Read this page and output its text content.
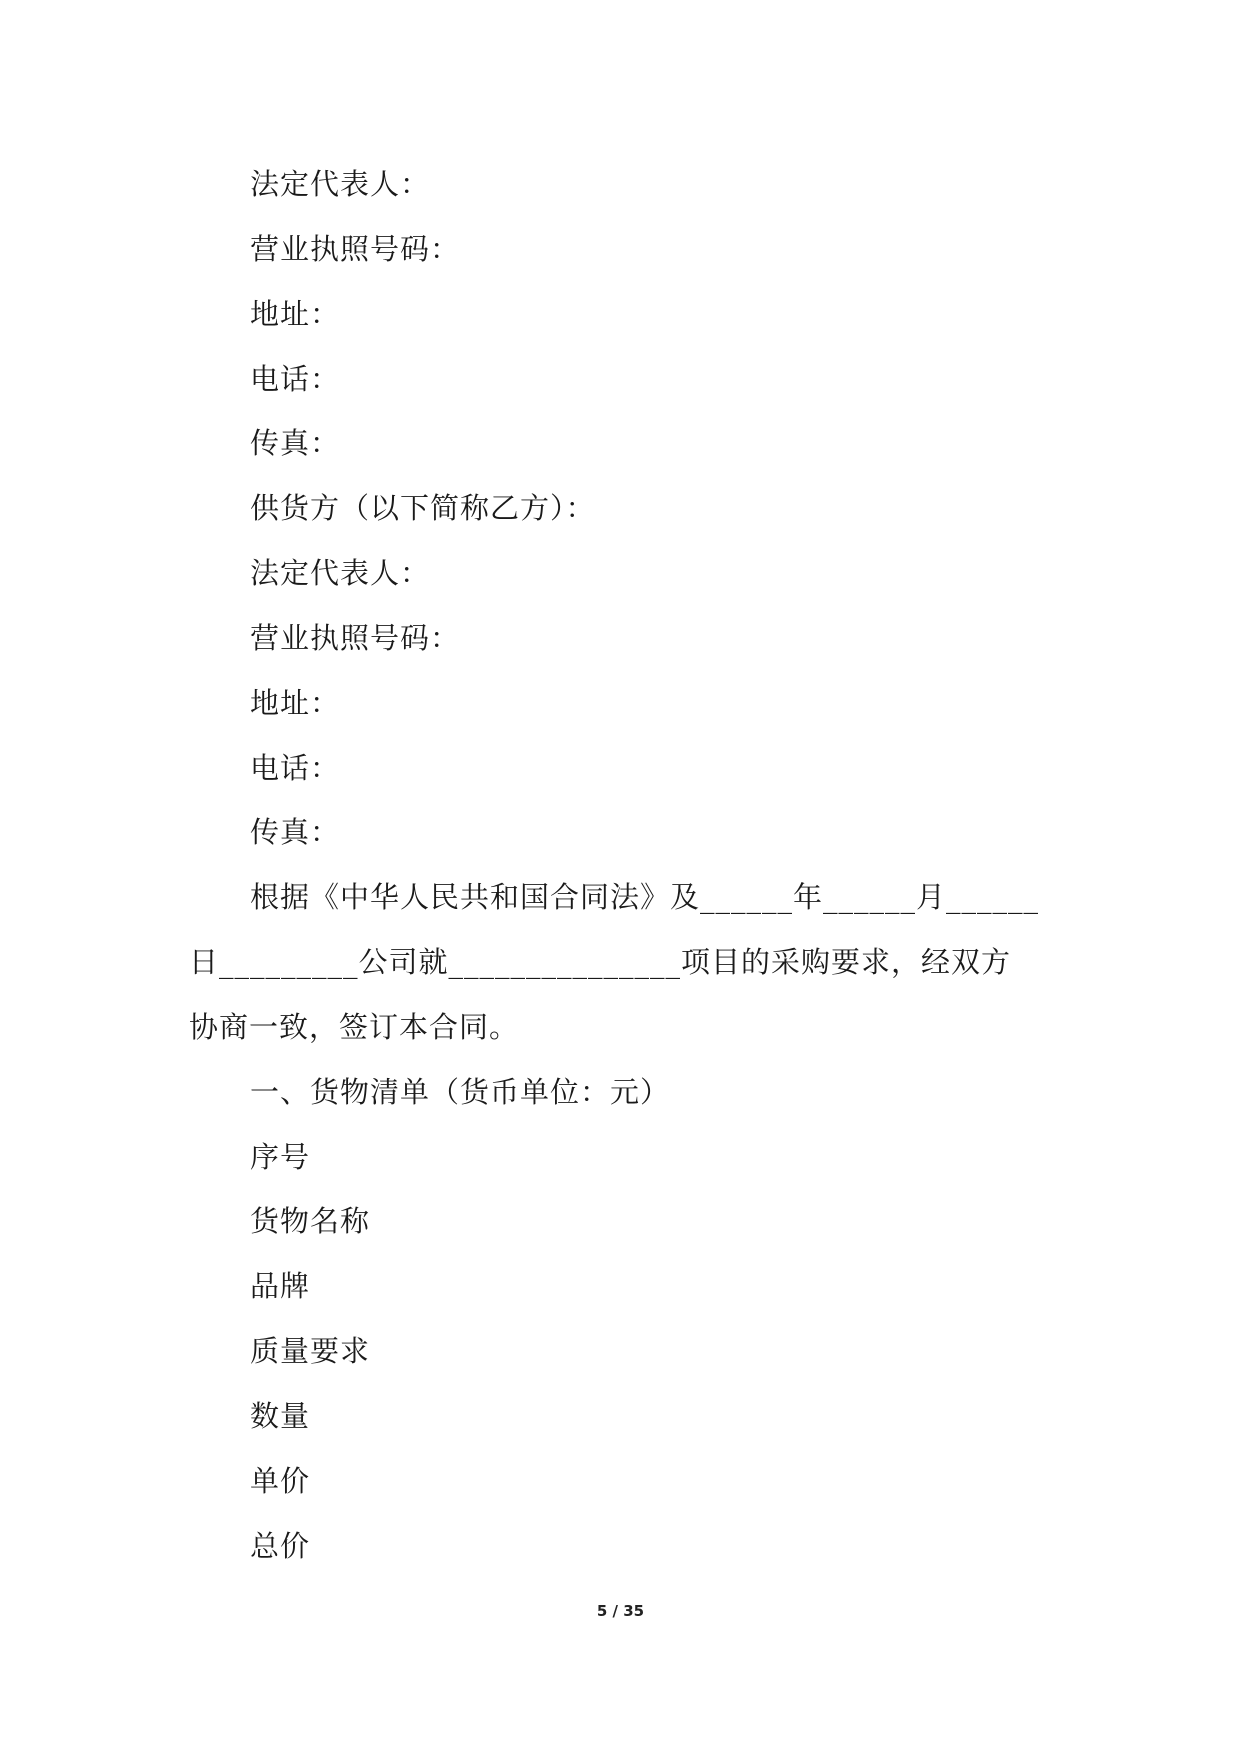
法定代表人：
营业执照号码：
地址：
电话：
传真：
供货方（以下简称乙方）：
法定代表人：
营业执照号码：
地址：
电话：
传真：
根据《中华人民共和国合同法》及______年______月______
日_________公司就_______________项目的采购要求，经双方
协商一致，签订本合同。
一、货物清单（货币单位：元）
序号
货物名称
品牌
质量要求
数量
单价
总价
5 / 35
